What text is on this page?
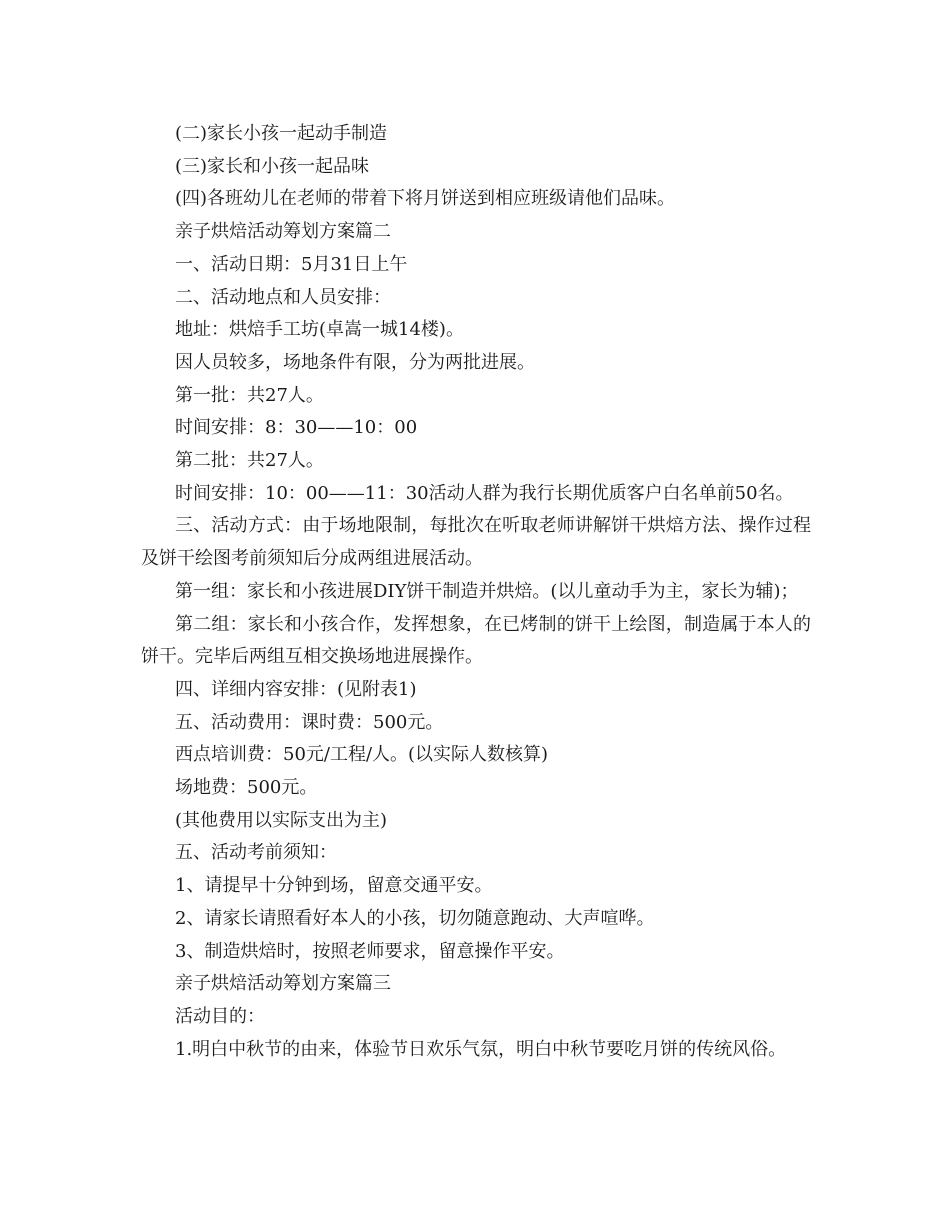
(二)家长小孩一起动手制造

(三)家长和小孩一起品味

(四)各班幼儿在老师的带着下将月饼送到相应班级请他们品味。

亲子烘焙活动筹划方案篇二

一、活动日期：5月31日上午

二、活动地点和人员安排：

地址：烘焙手工坊(卓嵩一城14楼)。

因人员较多，场地条件有限，分为两批进展。

第一批：共27人。

时间安排：8：30——10：00

第二批：共27人。

时间安排：10：00——11：30活动人群为我行长期优质客户白名单前50名。

三、活动方式：由于场地限制，每批次在听取老师讲解饼干烘焙方法、操作过程及饼干绘图考前须知后分成两组进展活动。

第一组：家长和小孩进展DIY饼干制造并烘焙。(以儿童动手为主，家长为辅)；

第二组：家长和小孩合作，发挥想象，在已烤制的饼干上绘图，制造属于本人的饼干。完毕后两组互相交换场地进展操作。

四、详细内容安排：(见附表1)

五、活动费用：课时费：500元。

西点培训费：50元/工程/人。(以实际人数核算)

场地费：500元。

(其他费用以实际支出为主)

五、活动考前须知：

1、请提早十分钟到场，留意交通平安。

2、请家长请照看好本人的小孩，切勿随意跑动、大声喧哗。

3、制造烘焙时，按照老师要求，留意操作平安。

亲子烘焙活动筹划方案篇三

活动目的：

1.明白中秋节的由来，体验节日欢乐气氛，明白中秋节要吃月饼的传统风俗。
